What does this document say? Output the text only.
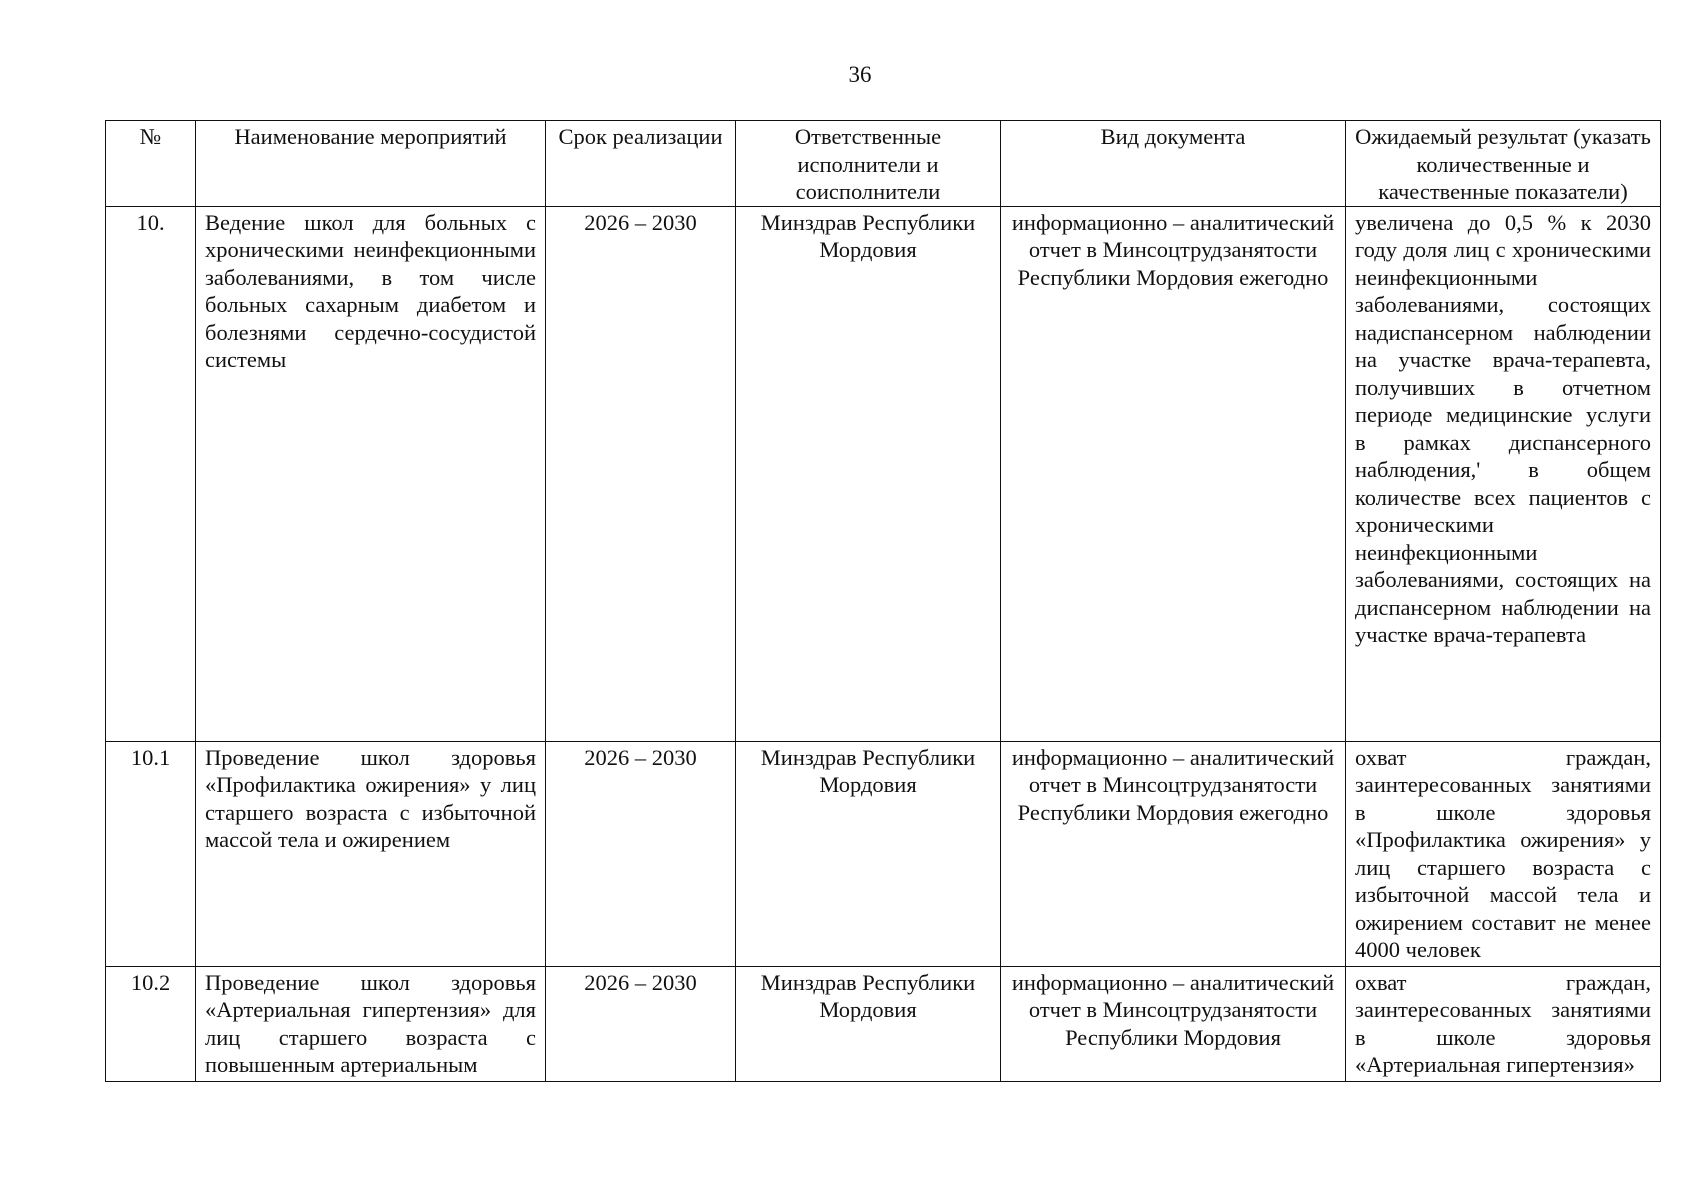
36
№	Наименование мероприятий	Срок реализации	Ответственные исполнители и соисполнители	Вид документа	Ожидаемый результат (указать количественные и качественные показатели)
10.	Ведение школ для больных с хроническими неинфекционными заболеваниями, в том числе больных сахарным диабетом и болезнями сердечно-сосудистой системы	2026 – 2030	Минздрав Республики Мордовия	информационно – аналитический отчет в Минсоцтрудзанятости Республики Мордовия ежегодно	увеличена до 0,5 % к 2030 году доля лиц с хроническими неинфекционными заболеваниями, состоящих надиспансерном наблюдении на участке врача-терапевта, получивших в отчетном периоде медицинские услуги в рамках диспансерного наблюдения,' в общем количестве всех пациентов с хроническими неинфекционными заболеваниями, состоящих на диспансерном наблюдении на участке врача-терапевта
10.1	Проведение школ здоровья «Профилактика ожирения» у лиц старшего возраста с избыточной массой тела и ожирением	2026 – 2030	Минздрав Республики Мордовия	информационно – аналитический отчет в Минсоцтрудзанятости Республики Мордовия ежегодно	охват граждан, заинтересованных занятиями в школе здоровья «Профилактика ожирения» у лиц старшего возраста с избыточной массой тела и ожирением составит не менее 4000 человек
10.2	Проведение школ здоровья «Артериальная гипертензия» для лиц старшего возраста с повышенным артериальным	2026 – 2030	Минздрав Республики Мордовия	информационно – аналитический отчет в Минсоцтрудзанятости Республики Мордовия	охват граждан, заинтересованных занятиями в школе здоровья «Артериальная гипертензия»
